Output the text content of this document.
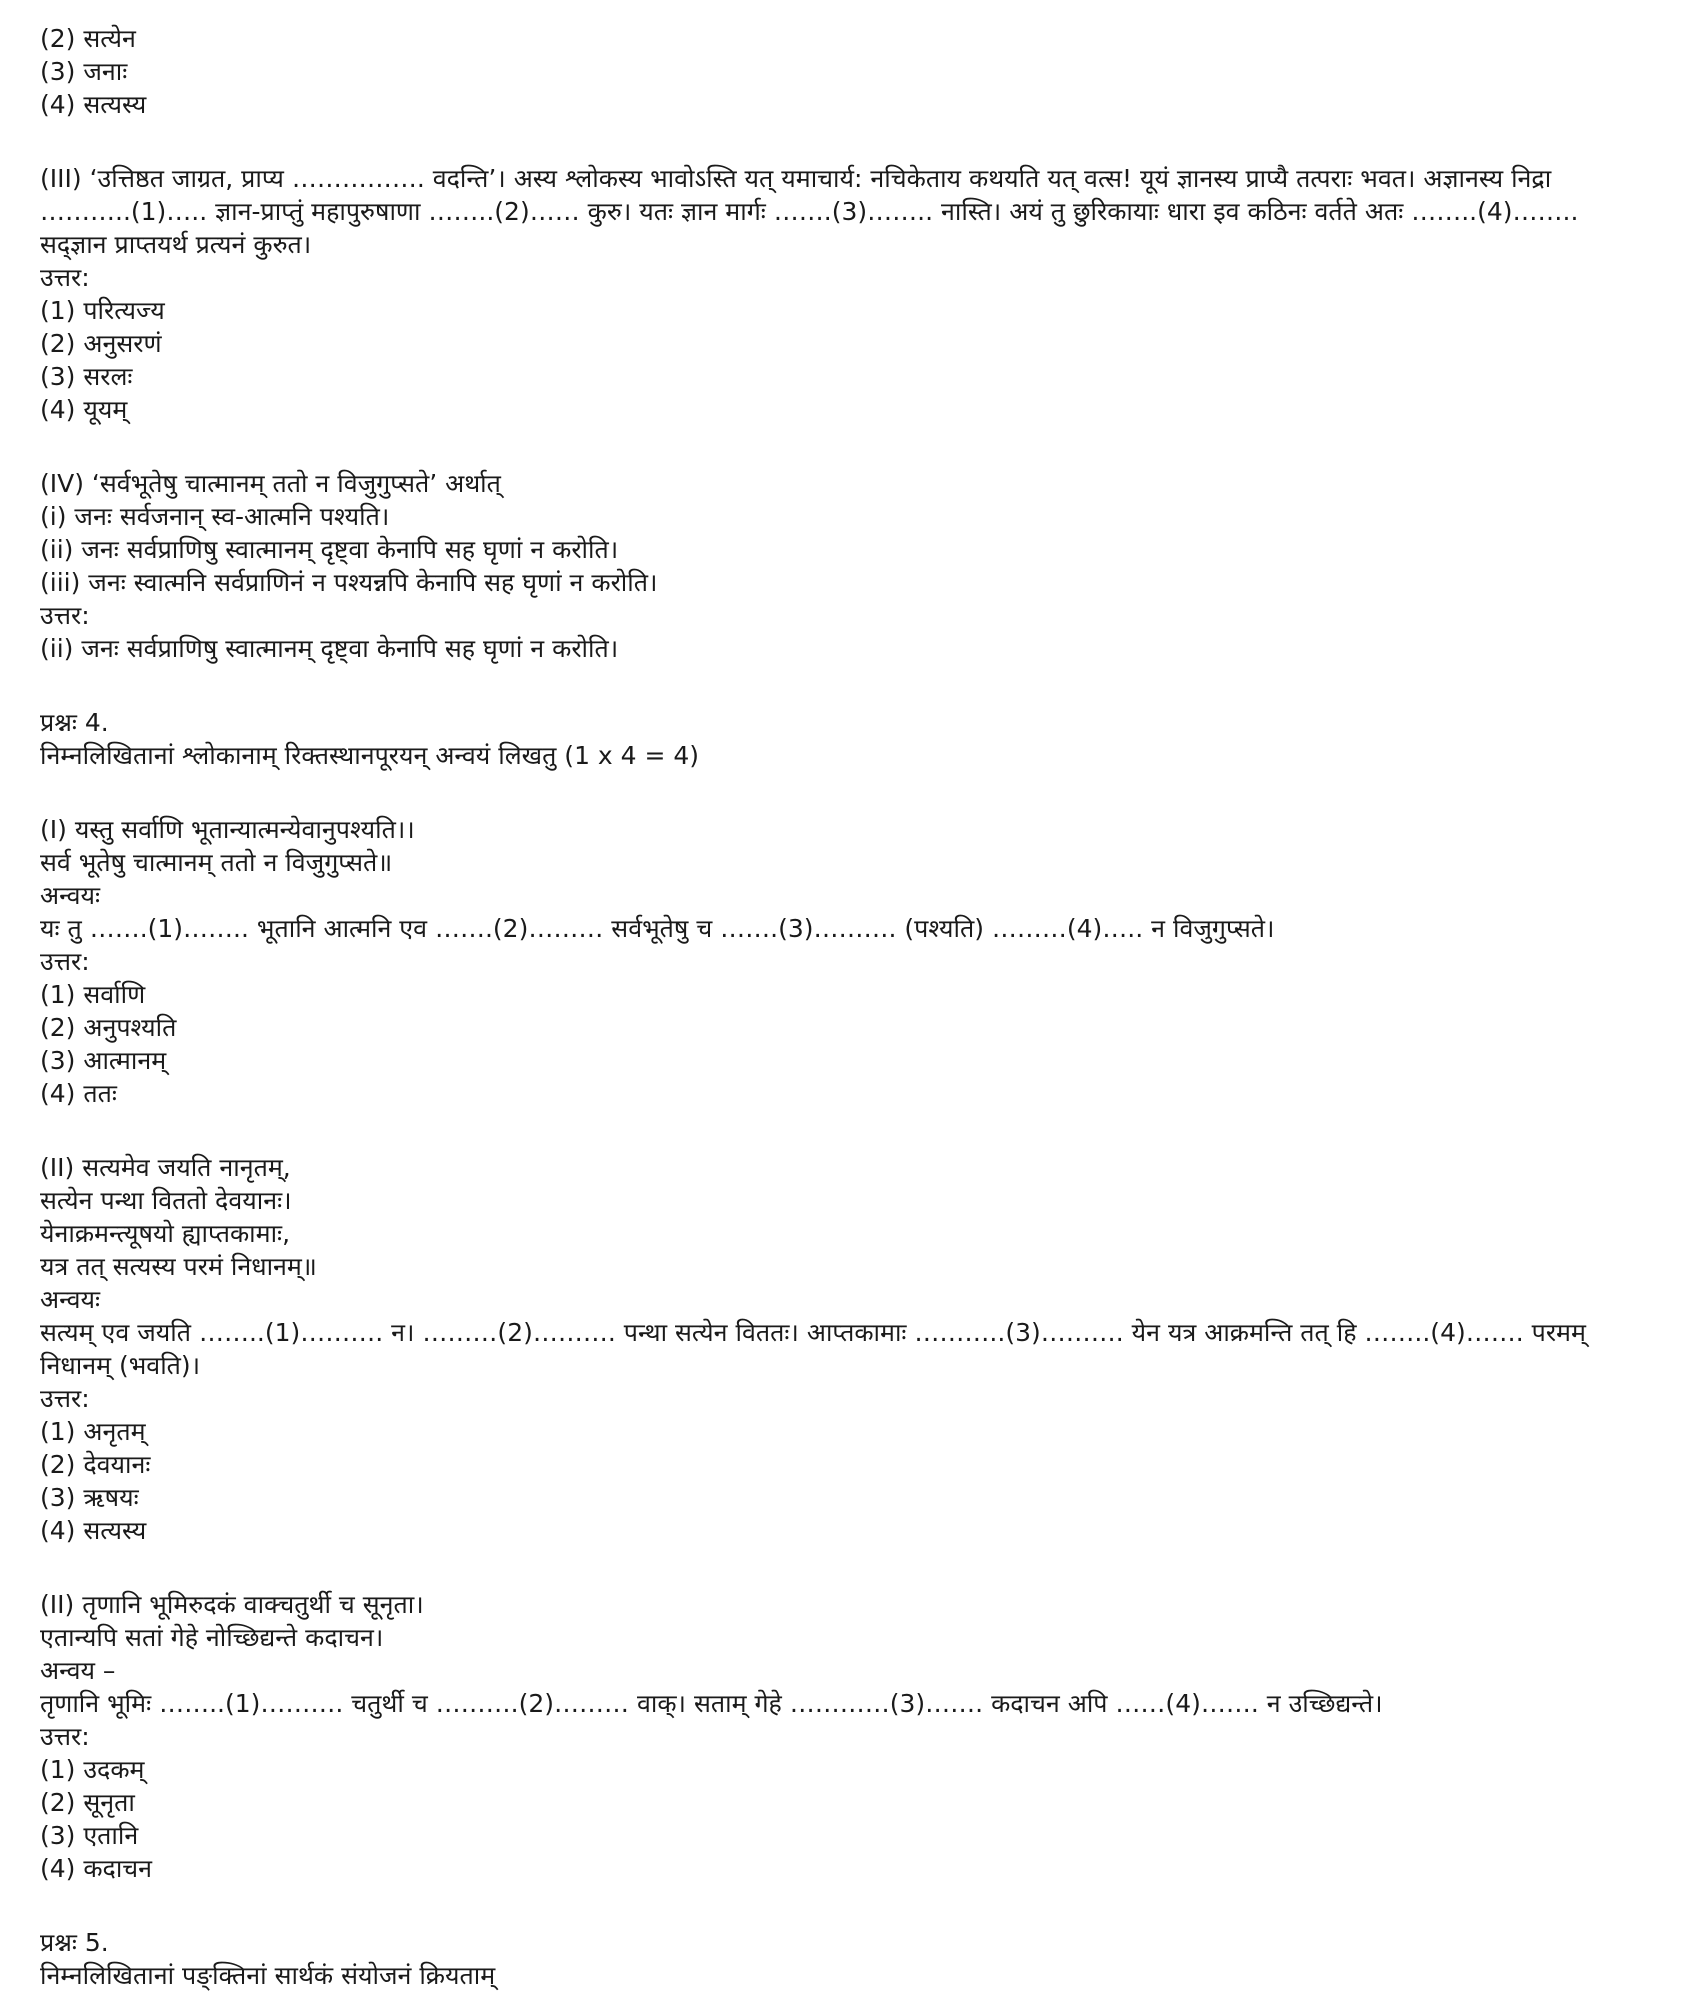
(2) सत्येन
(3) जनाः
(4) सत्यस्य
(III) ‘उत्तिष्ठत जाग्रत, प्राप्य ……………. वदन्ति’। अस्य श्लोकस्य भावोऽस्ति यत् यमाचार्य: नचिकेताय कथयति यत् वत्स! यूयं ज्ञानस्य प्राप्यै तत्पराः भवत। अज्ञानस्य निद्रा ………..(1)….. ज्ञान-प्राप्तुं महापुरुषाणा ……..(2)…… कुरु। यतः ज्ञान मार्गः …….(3)…….. नास्ति। अयं तु छुरिकायाः धारा इव कठिनः वर्तते अतः ……..(4)…….. सद्ज्ञान प्राप्तयर्थ प्रत्यनं कुरुत।
उत्तर:
(1) परित्यज्य
(2) अनुसरणं
(3) सरलः
(4) यूयम्
(IV) ‘सर्वभूतेषु चात्मानम् ततो न विजुगुप्सते’ अर्थात्
(i) जनः सर्वजनान् स्व-आत्मनि पश्यति।
(ii) जनः सर्वप्राणिषु स्वात्मानम् दृष्ट्वा केनापि सह घृणां न करोति।
(iii) जनः स्वात्मनि सर्वप्राणिनं न पश्यन्नपि केनापि सह घृणां न करोति।
उत्तर:
(ii) जनः सर्वप्राणिषु स्वात्मानम् दृष्ट्वा केनापि सह घृणां न करोति।
प्रश्नः 4.
निम्नलिखितानां श्लोकानाम् रिक्तस्थानपूरयन् अन्वयं लिखतु (1 x 4 = 4)
(I) यस्तु सर्वाणि भूतान्यात्मन्येवानुपश्यति।।
सर्व भूतेषु चात्मानम् ततो न विजुगुप्सते॥
अन्वयः
यः तु …….(1)…….. भूतानि आत्मनि एव …….(2)……… सर्वभूतेषु च …….(3)………. (पश्यति) ………(4)….. न विजुगुप्सते।
उत्तर:
(1) सर्वाणि
(2) अनुपश्यति
(3) आत्मानम्
(4) ततः
(II) सत्यमेव जयति नानृतम्,
सत्येन पन्था विततो देवयानः।
येनाक्रमन्त्यूषयो ह्याप्तकामाः,
यत्र तत् सत्यस्य परमं निधानम्॥
अन्वयः
सत्यम् एव जयति ……..(1)………. न। ………(2)………. पन्था सत्येन विततः। आप्तकामाः ………..(3)………. येन यत्र आक्रमन्ति तत् हि ……..(4)……. परमम् निधानम् (भवति)।
उत्तर:
(1) अनृतम्
(2) देवयानः
(3) ऋषयः
(4) सत्यस्य
(II) तृणानि भूमिरुदकं वाक्चतुर्थी च सूनृता।
एतान्यपि सतां गेहे नोच्छिद्यन्ते कदाचन।
अन्वय –
तृणानि भूमिः ……..(1)………. चतुर्थी च ……….(2)……… वाक्। सताम् गेहे …………(3)……. कदाचन अपि ……(4)……. न उच्छिद्यन्ते।
उत्तर:
(1) उदकम्
(2) सूनृता
(3) एतानि
(4) कदाचन
प्रश्नः 5.
निम्नलिखितानां पङ्क्तिनां सार्थकं संयोजनं क्रियताम्
